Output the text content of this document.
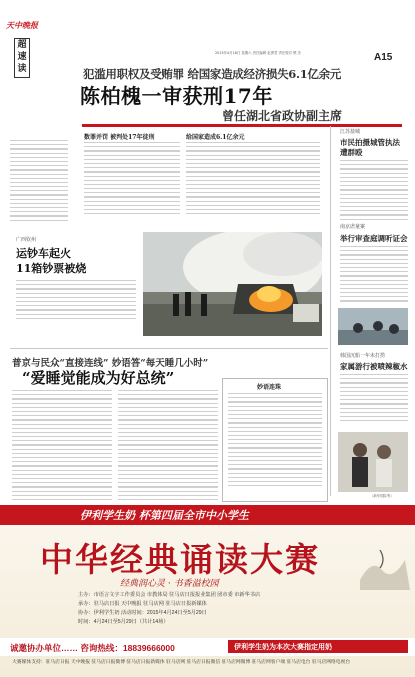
天中晚报
超
速读
2015年4月18日 星期六 责任编辑 赵勇君 责任校对 樊 芳	A15
犯滥用职权及受贿罪 给国家造成经济损失6.1亿余元
陈柏槐一审获刑17年
曾任湖北省政协副主席
数罪并罚 被判处17年徒刑	给国家造成6.1亿余元
广西钦州
运钞车起火
11箱钞票被烧
江苏盐城
市民拍摄城管执法
遭群殴
南京虐童案
举行审查庭调听证会
韩国沉船一年未打捞
家属游行被喷辣椒水
（新华国际等）
普京与民众“直接连线” 妙语答“每天睡几小时”
“爱睡觉能成为好总统”
妙语连珠
伊利学生奶 杯第四届全市中小学生
中华经典诵读大赛
经典润心灵 · 书香溢校园
主办：市语言文字工作委员会 市教体局 驻马店日报报业集团 团市委 市新华书店
承办：驻马店日报 天中晚报 驻马店网 驻马店日报新媒体
协办：伊利学生奶 活动时间：2015年4月24日至5月29日
时间：4月24日至5月29日（共计14场）
诚邀协办单位…… 咨询热线：18839666000	伊利学生奶为本次大赛指定用奶
大赛媒体支持：驻马店日报 天中晚报 驻马店日报微博 驻马店日报新媒体 驻马店网 驻马店日报微信 驻马店网微博 驻马店网客户端 驻马店电台 驻马店网络电视台
